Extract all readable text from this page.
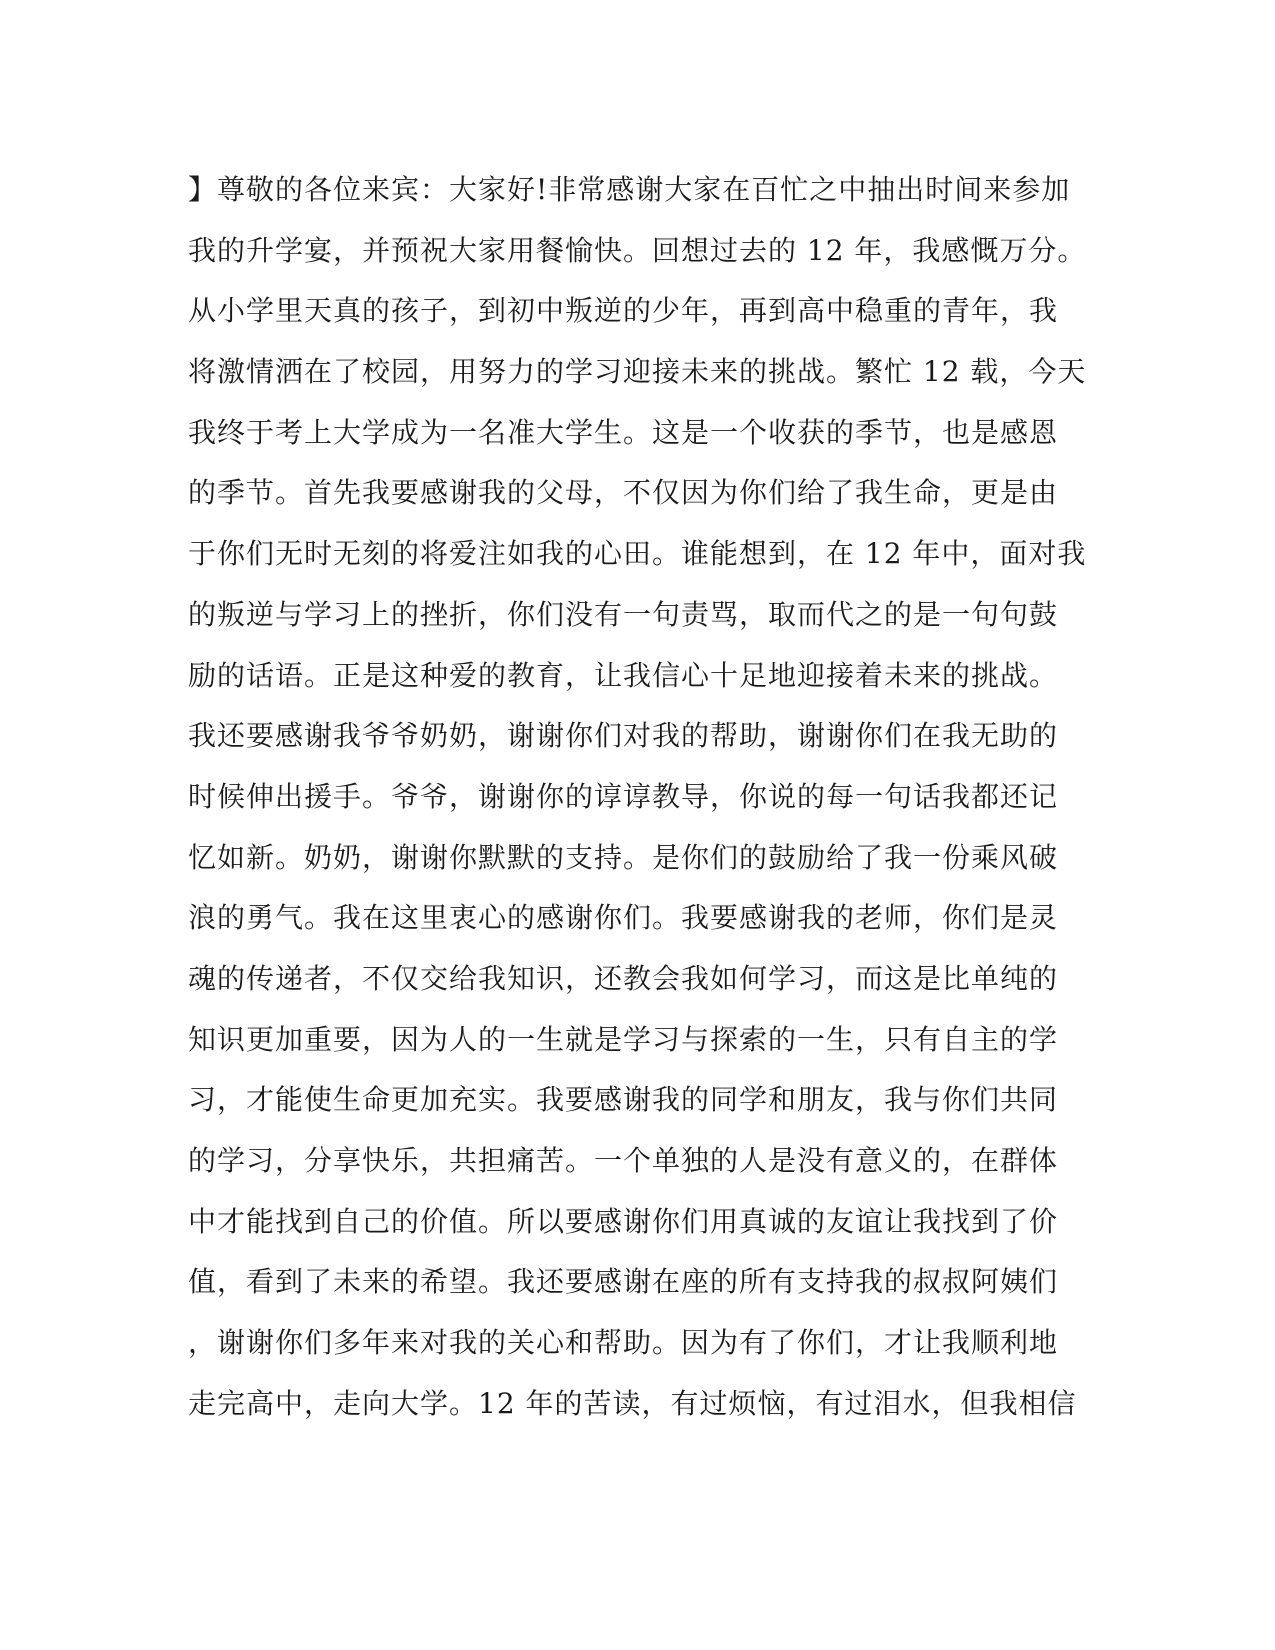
】尊敬的各位来宾：大家好!非常感谢大家在百忙之中抽出时间来参加
我的升学宴，并预祝大家用餐愉快。回想过去的 12 年，我感慨万分。
从小学里天真的孩子，到初中叛逆的少年，再到高中稳重的青年，我
将激情洒在了校园，用努力的学习迎接未来的挑战。繁忙 12 载，今天
我终于考上大学成为一名准大学生。这是一个收获的季节，也是感恩
的季节。首先我要感谢我的父母，不仅因为你们给了我生命，更是由
于你们无时无刻的将爱注如我的心田。谁能想到，在 12 年中，面对我
的叛逆与学习上的挫折，你们没有一句责骂，取而代之的是一句句鼓
励的话语。正是这种爱的教育，让我信心十足地迎接着未来的挑战。
我还要感谢我爷爷奶奶，谢谢你们对我的帮助，谢谢你们在我无助的
时候伸出援手。爷爷，谢谢你的谆谆教导，你说的每一句话我都还记
忆如新。奶奶，谢谢你默默的支持。是你们的鼓励给了我一份乘风破
浪的勇气。我在这里衷心的感谢你们。我要感谢我的老师，你们是灵
魂的传递者，不仅交给我知识，还教会我如何学习，而这是比单纯的
知识更加重要，因为人的一生就是学习与探索的一生，只有自主的学
习，才能使生命更加充实。我要感谢我的同学和朋友，我与你们共同
的学习，分享快乐，共担痛苦。一个单独的人是没有意义的，在群体
中才能找到自己的价值。所以要感谢你们用真诚的友谊让我找到了价
值，看到了未来的希望。我还要感谢在座的所有支持我的叔叔阿姨们
，谢谢你们多年来对我的关心和帮助。因为有了你们，才让我顺利地
走完高中，走向大学。12 年的苦读，有过烦恼，有过泪水，但我相信
